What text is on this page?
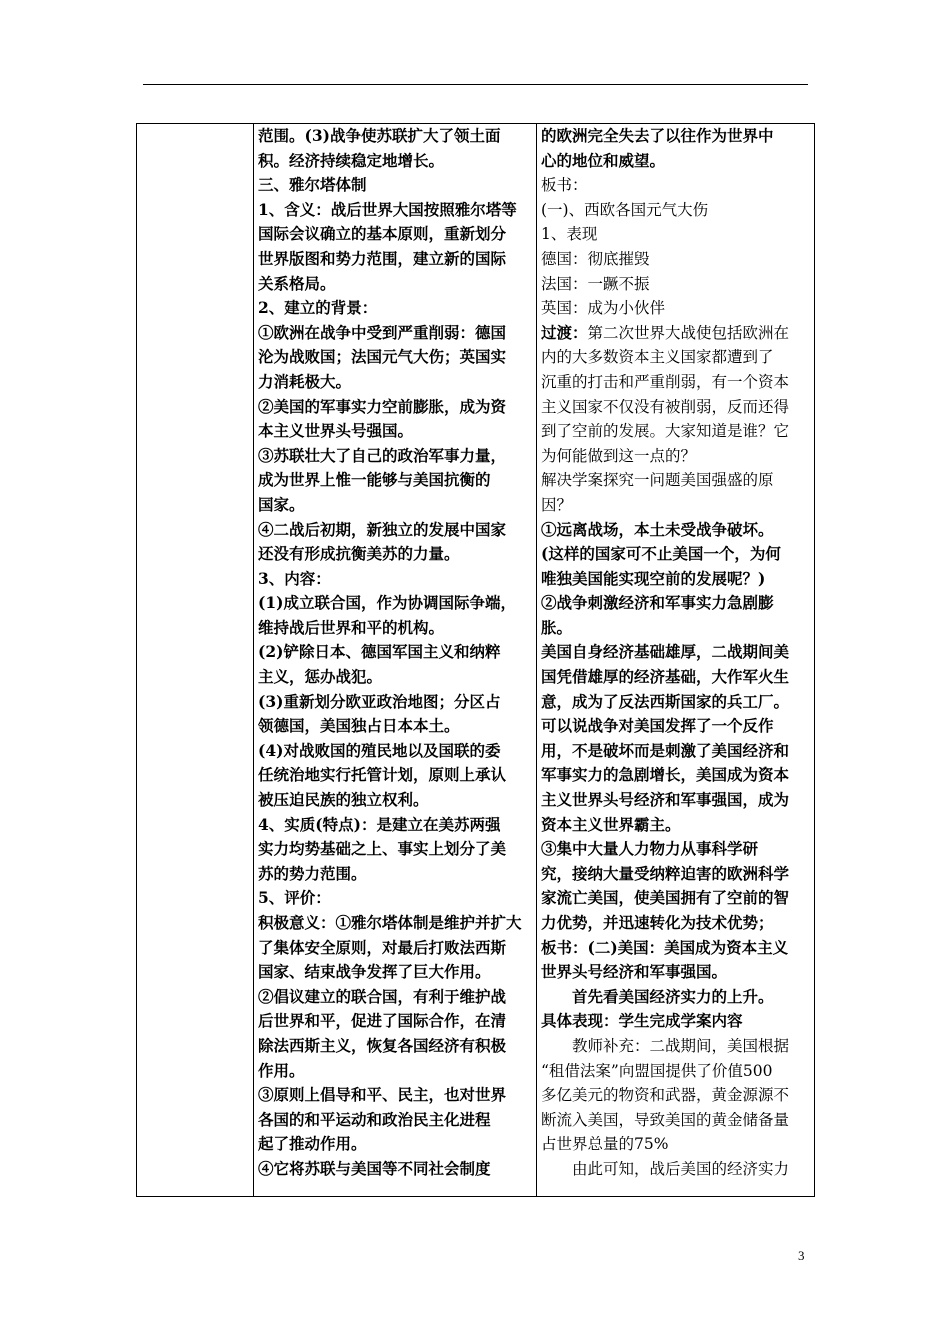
范围。(3)战争使苏联扩大了领土面
积。经济持续稳定地增长。
三、雅尔塔体制
1、含义：战后世界大国按照雅尔塔等
国际会议确立的基本原则，重新划分
世界版图和势力范围，建立新的国际
关系格局。
2、建立的背景：
①欧洲在战争中受到严重削弱：德国
沦为战败国；法国元气大伤；英国实
力消耗极大。
②美国的军事实力空前膨胀，成为资
本主义世界头号强国。
③苏联壮大了自己的政治军事力量，
成为世界上惟一能够与美国抗衡的
国家。
④二战后初期，新独立的发展中国家
还没有形成抗衡美苏的力量。
3、内容：
(1)成立联合国，作为协调国际争端，
维持战后世界和平的机构。
(2)铲除日本、德国军国主义和纳粹
主义，惩办战犯。
(3)重新划分欧亚政治地图；分区占
领德国，美国独占日本本土。
(4)对战败国的殖民地以及国联的委
任统治地实行托管计划，原则上承认
被压迫民族的独立权利。
4、实质(特点)：是建立在美苏两强
实力均势基础之上、事实上划分了美
苏的势力范围。
5、评价：
积极意义：①雅尔塔体制是维护并扩大
了集体安全原则，对最后打败法西斯
国家、结束战争发挥了巨大作用。
②倡议建立的联合国，有利于维护战
后世界和平，促进了国际合作，在清
除法西斯主义，恢复各国经济有积极
作用。
③原则上倡导和平、民主，也对世界
各国的和平运动和政治民主化进程
起了推动作用。
④它将苏联与美国等不同社会制度

的欧洲完全失去了以往作为世界中
心的地位和威望。
板书：
(一)、西欧各国元气大伤
1、表现
德国：彻底摧毁
法国：一蹶不振
英国：成为小伙伴
过渡：第二次世界大战使包括欧洲在
内的大多数资本主义国家都遭到了
沉重的打击和严重削弱，有一个资本
主义国家不仅没有被削弱，反而还得
到了空前的发展。大家知道是谁？它
为何能做到这一点的？
解决学案探究一问题美国强盛的原
因？
①远离战场，本土未受战争破坏。
(这样的国家可不止美国一个，为何
唯独美国能实现空前的发展呢？)
②战争刺激经济和军事实力急剧膨
胀。
美国自身经济基础雄厚，二战期间美
国凭借雄厚的经济基础，大作军火生
意，成为了反法西斯国家的兵工厂。
可以说战争对美国发挥了一个反作
用，不是破坏而是刺激了美国经济和
军事实力的急剧增长，美国成为资本
主义世界头号经济和军事强国，成为
资本主义世界霸主。
③集中大量人力物力从事科学研
究，接纳大量受纳粹迫害的欧洲科学
家流亡美国，使美国拥有了空前的智
力优势，并迅速转化为技术优势；
板书：(二)美国：美国成为资本主义
世界头号经济和军事强国。
首先看美国经济实力的上升。
具体表现：学生完成学案内容
教师补充：二战期间，美国根据
“租借法案”向盟国提供了价值500
多亿美元的物资和武器，黄金源源不
断流入美国，导致美国的黄金储备量
占世界总量的75%
由此可知，战后美国的经济实力
3
